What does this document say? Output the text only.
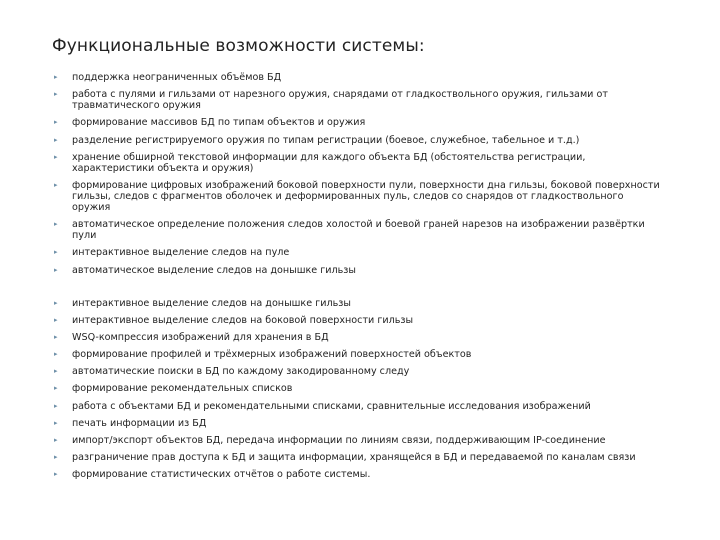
Функциональные возможности системы:
▸ поддержка неограниченных объёмов БД
▸ работа с пулями и гильзами от нарезного оружия, снарядами от гладкоствольного оружия, гильзами от травматического оружия
▸ формирование массивов БД по типам объектов и оружия
▸ разделение регистрируемого оружия по типам регистрации (боевое, служебное, табельное и т.д.)
▸ хранение обширной текстовой информации для каждого объекта БД (обстоятельства регистрации, характеристики объекта и оружия)
▸ формирование цифровых изображений боковой поверхности пули, поверхности дна гильзы, боковой поверхности гильзы, следов с фрагментов оболочек и деформированных пуль, следов со снарядов от гладкоствольного оружия
▸ автоматическое определение положения следов холостой и боевой граней нарезов на изображении развёртки пули
▸ интерактивное выделение следов на пуле
▸ автоматическое выделение следов на донышке гильзы
▸ интерактивное выделение следов на донышке гильзы
▸ интерактивное выделение следов на боковой поверхности гильзы
▸ WSQ-компрессия изображений для хранения в БД
▸ формирование профилей и трёхмерных изображений поверхностей объектов
▸ автоматические поиски в БД по каждому закодированному следу
▸ формирование рекомендательных списков
▸ работа с объектами БД и рекомендательными списками, сравнительные исследования изображений
▸ печать информации из БД
▸ импорт/экспорт объектов БД, передача информации по линиям связи, поддерживающим IP-соединение
▸ разграничение прав доступа к БД и защита информации, хранящейся в БД и передаваемой по каналам связи
▸ формирование статистических отчётов о работе системы.
